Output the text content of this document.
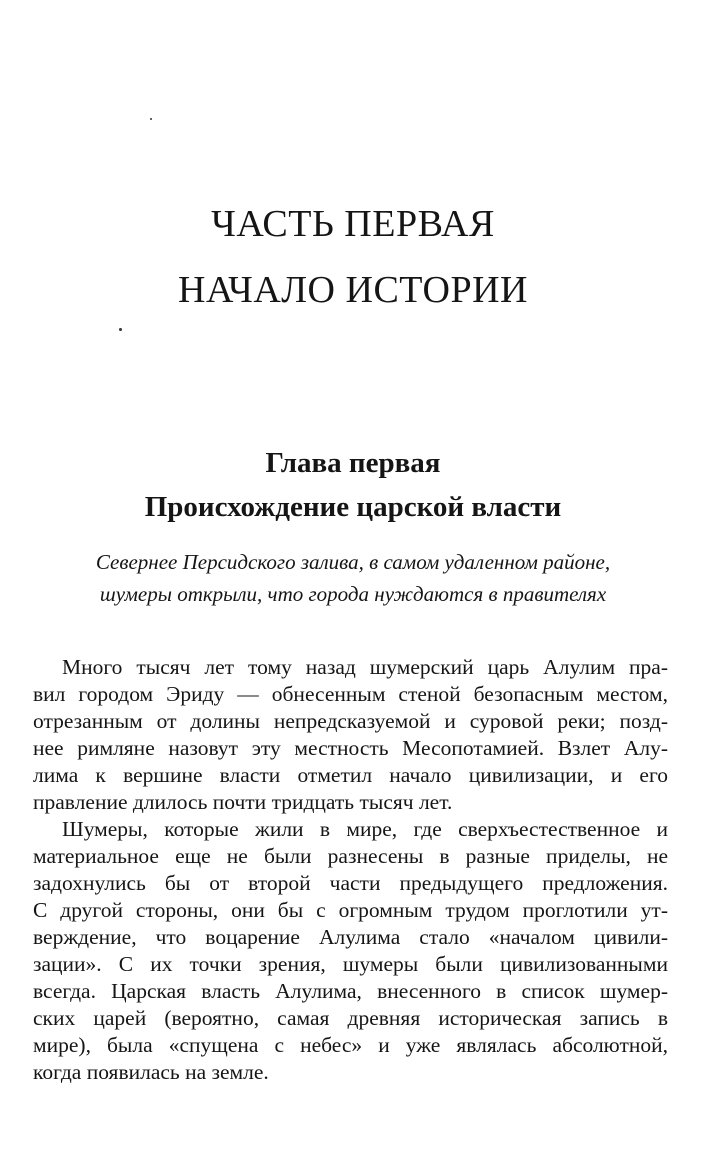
ЧАСТЬ ПЕРВАЯ
НАЧАЛО ИСТОРИИ
Глава первая
Происхождение царской власти
Севернее Персидского залива, в самом удаленном районе,
шумеры открыли, что города нуждаются в правителях
Много тысяч лет тому назад шумерский царь Алулим пра-
вил городом Эриду — обнесенным стеной безопасным местом,
отрезанным от долины непредсказуемой и суровой реки; позд-
нее римляне назовут эту местность Месопотамией. Взлет Алу-
лима к вершине власти отметил начало цивилизации, и его
правление длилось почти тридцать тысяч лет.
Шумеры, которые жили в мире, где сверхъестественное и
материальное еще не были разнесены в разные приделы, не
задохнулись бы от второй части предыдущего предложения.
С другой стороны, они бы с огромным трудом проглотили ут-
верждение, что воцарение Алулима стало «началом цивили-
зации». С их точки зрения, шумеры были цивилизованными
всегда. Царская власть Алулима, внесенного в список шумер-
ских царей (вероятно, самая древняя историческая запись в
мире), была «спущена с небес» и уже являлась абсолютной,
когда появилась на земле.
